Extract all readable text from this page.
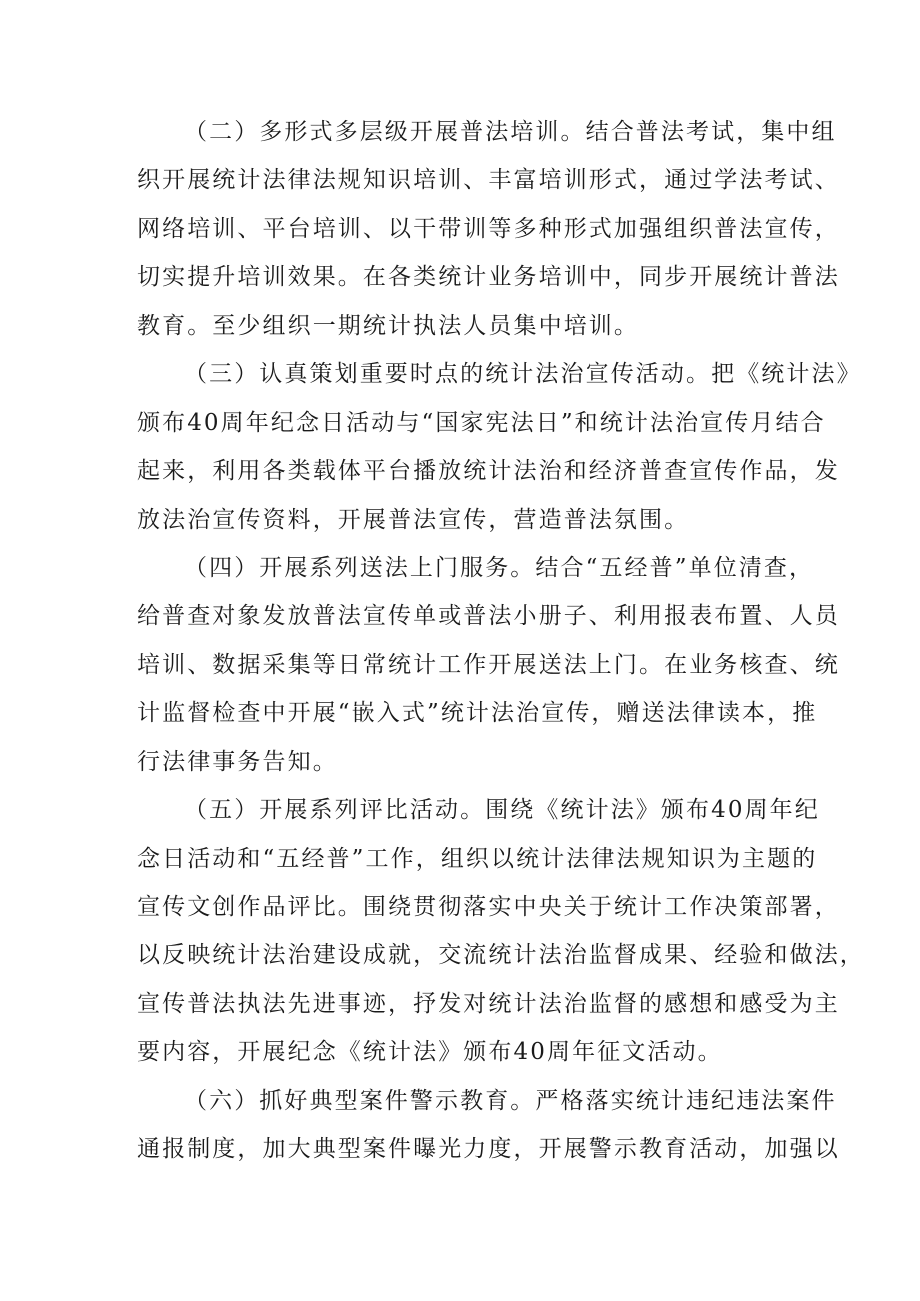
（二）多形式多层级开展普法培训。结合普法考试，集中组
织开展统计法律法规知识培训、丰富培训形式，通过学法考试、
网络培训、平台培训、以干带训等多种形式加强组织普法宣传，
切实提升培训效果。在各类统计业务培训中，同步开展统计普法
教育。至少组织一期统计执法人员集中培训。
（三）认真策划重要时点的统计法治宣传活动。把《统计法》
颁布40周年纪念日活动与“国家宪法日”和统计法治宣传月结合
起来，利用各类载体平台播放统计法治和经济普查宣传作品，发
放法治宣传资料，开展普法宣传，营造普法氛围。
（四）开展系列送法上门服务。结合“五经普”单位清查，
给普查对象发放普法宣传单或普法小册子、利用报表布置、人员
培训、数据采集等日常统计工作开展送法上门。在业务核查、统
计监督检查中开展“嵌入式”统计法治宣传，赠送法律读本，推
行法律事务告知。
（五）开展系列评比活动。围绕《统计法》颁布40周年纪
念日活动和“五经普”工作，组织以统计法律法规知识为主题的
宣传文创作品评比。围绕贯彻落实中央关于统计工作决策部署，
以反映统计法治建设成就，交流统计法治监督成果、经验和做法，
宣传普法执法先进事迹，抒发对统计法治监督的感想和感受为主
要内容，开展纪念《统计法》颁布40周年征文活动。
（六）抓好典型案件警示教育。严格落实统计违纪违法案件
通报制度，加大典型案件曝光力度，开展警示教育活动，加强以
